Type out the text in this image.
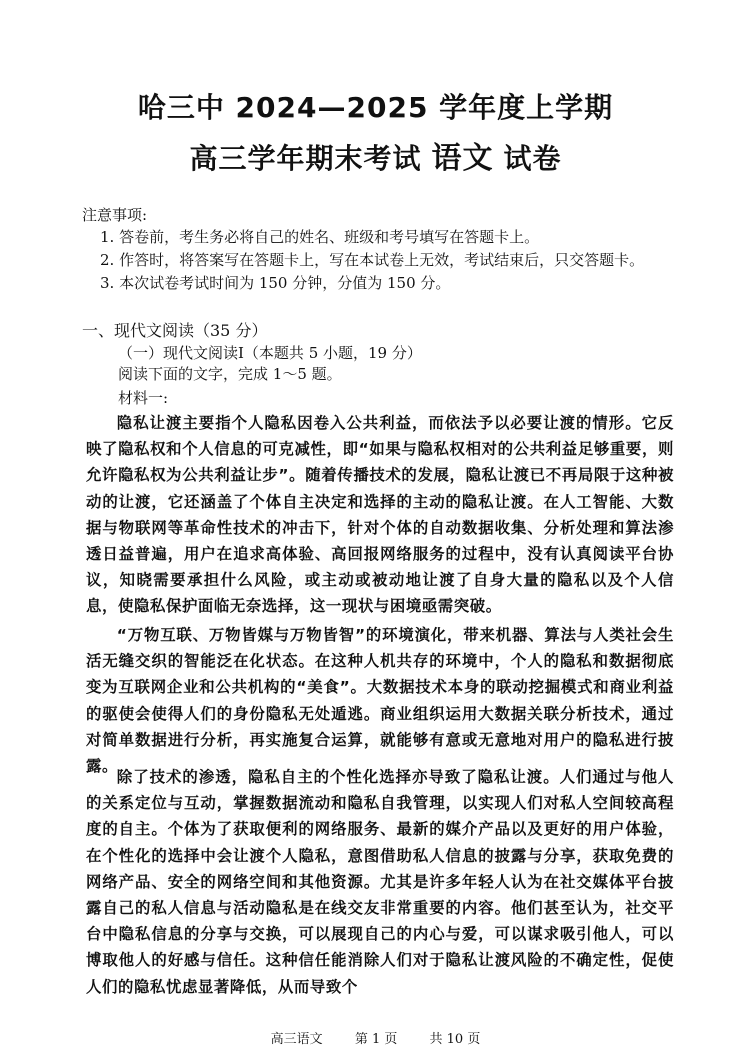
哈三中 2024—2025 学年度上学期
高三学年期末考试 语文 试卷
注意事项:
1. 答卷前，考生务必将自己的姓名、班级和考号填写在答题卡上。
2. 作答时，将答案写在答题卡上，写在本试卷上无效，考试结束后，只交答题卡。
3. 本次试卷考试时间为 150 分钟，分值为 150 分。
一、现代文阅读（35 分）
（一）现代文阅读Ⅰ（本题共 5 小题，19 分）
阅读下面的文字，完成 1～5 题。
材料一:
隐私让渡主要指个人隐私因卷入公共利益，而依法予以必要让渡的情形。它反映了隐私权和个人信息的可克减性，即“如果与隐私权相对的公共利益足够重要，则允许隐私权为公共利益让步”。随着传播技术的发展，隐私让渡已不再局限于这种被动的让渡，它还涵盖了个体自主决定和选择的主动的隐私让渡。在人工智能、大数据与物联网等革命性技术的冲击下，针对个体的自动数据收集、分析处理和算法渗透日益普遍，用户在追求高体验、高回报网络服务的过程中，没有认真阅读平台协议，知晓需要承担什么风险，或主动或被动地让渡了自身大量的隐私以及个人信息，使隐私保护面临无奈选择，这一现状与困境亟需突破。
“万物互联、万物皆媒与万物皆智”的环境演化，带来机器、算法与人类社会生活无缝交织的智能泛在化状态。在这种人机共存的环境中，个人的隐私和数据彻底变为互联网企业和公共机构的“美食”。大数据技术本身的联动挖掘模式和商业利益的驱使会使得人们的身份隐私无处遁逃。商业组织运用大数据关联分析技术，通过对简单数据进行分析，再实施复合运算，就能够有意或无意地对用户的隐私进行披露。
除了技术的渗透，隐私自主的个性化选择亦导致了隐私让渡。人们通过与他人的关系定位与互动，掌握数据流动和隐私自我管理，以实现人们对私人空间较高程度的自主。个体为了获取便利的网络服务、最新的媒介产品以及更好的用户体验，在个性化的选择中会让渡个人隐私，意图借助私人信息的披露与分享，获取免费的网络产品、安全的网络空间和其他资源。尤其是许多年轻人认为在社交媒体平台披露自己的私人信息与活动隐私是在线交友非常重要的内容。他们甚至认为，社交平台中隐私信息的分享与交换，可以展现自己的内心与爱，可以谋求吸引他人，可以博取他人的好感与信任。这种信任能消除人们对于隐私让渡风险的不确定性，促使人们的隐私忧虑显著降低，从而导致个
高三语文 第 1 页 共 10 页
